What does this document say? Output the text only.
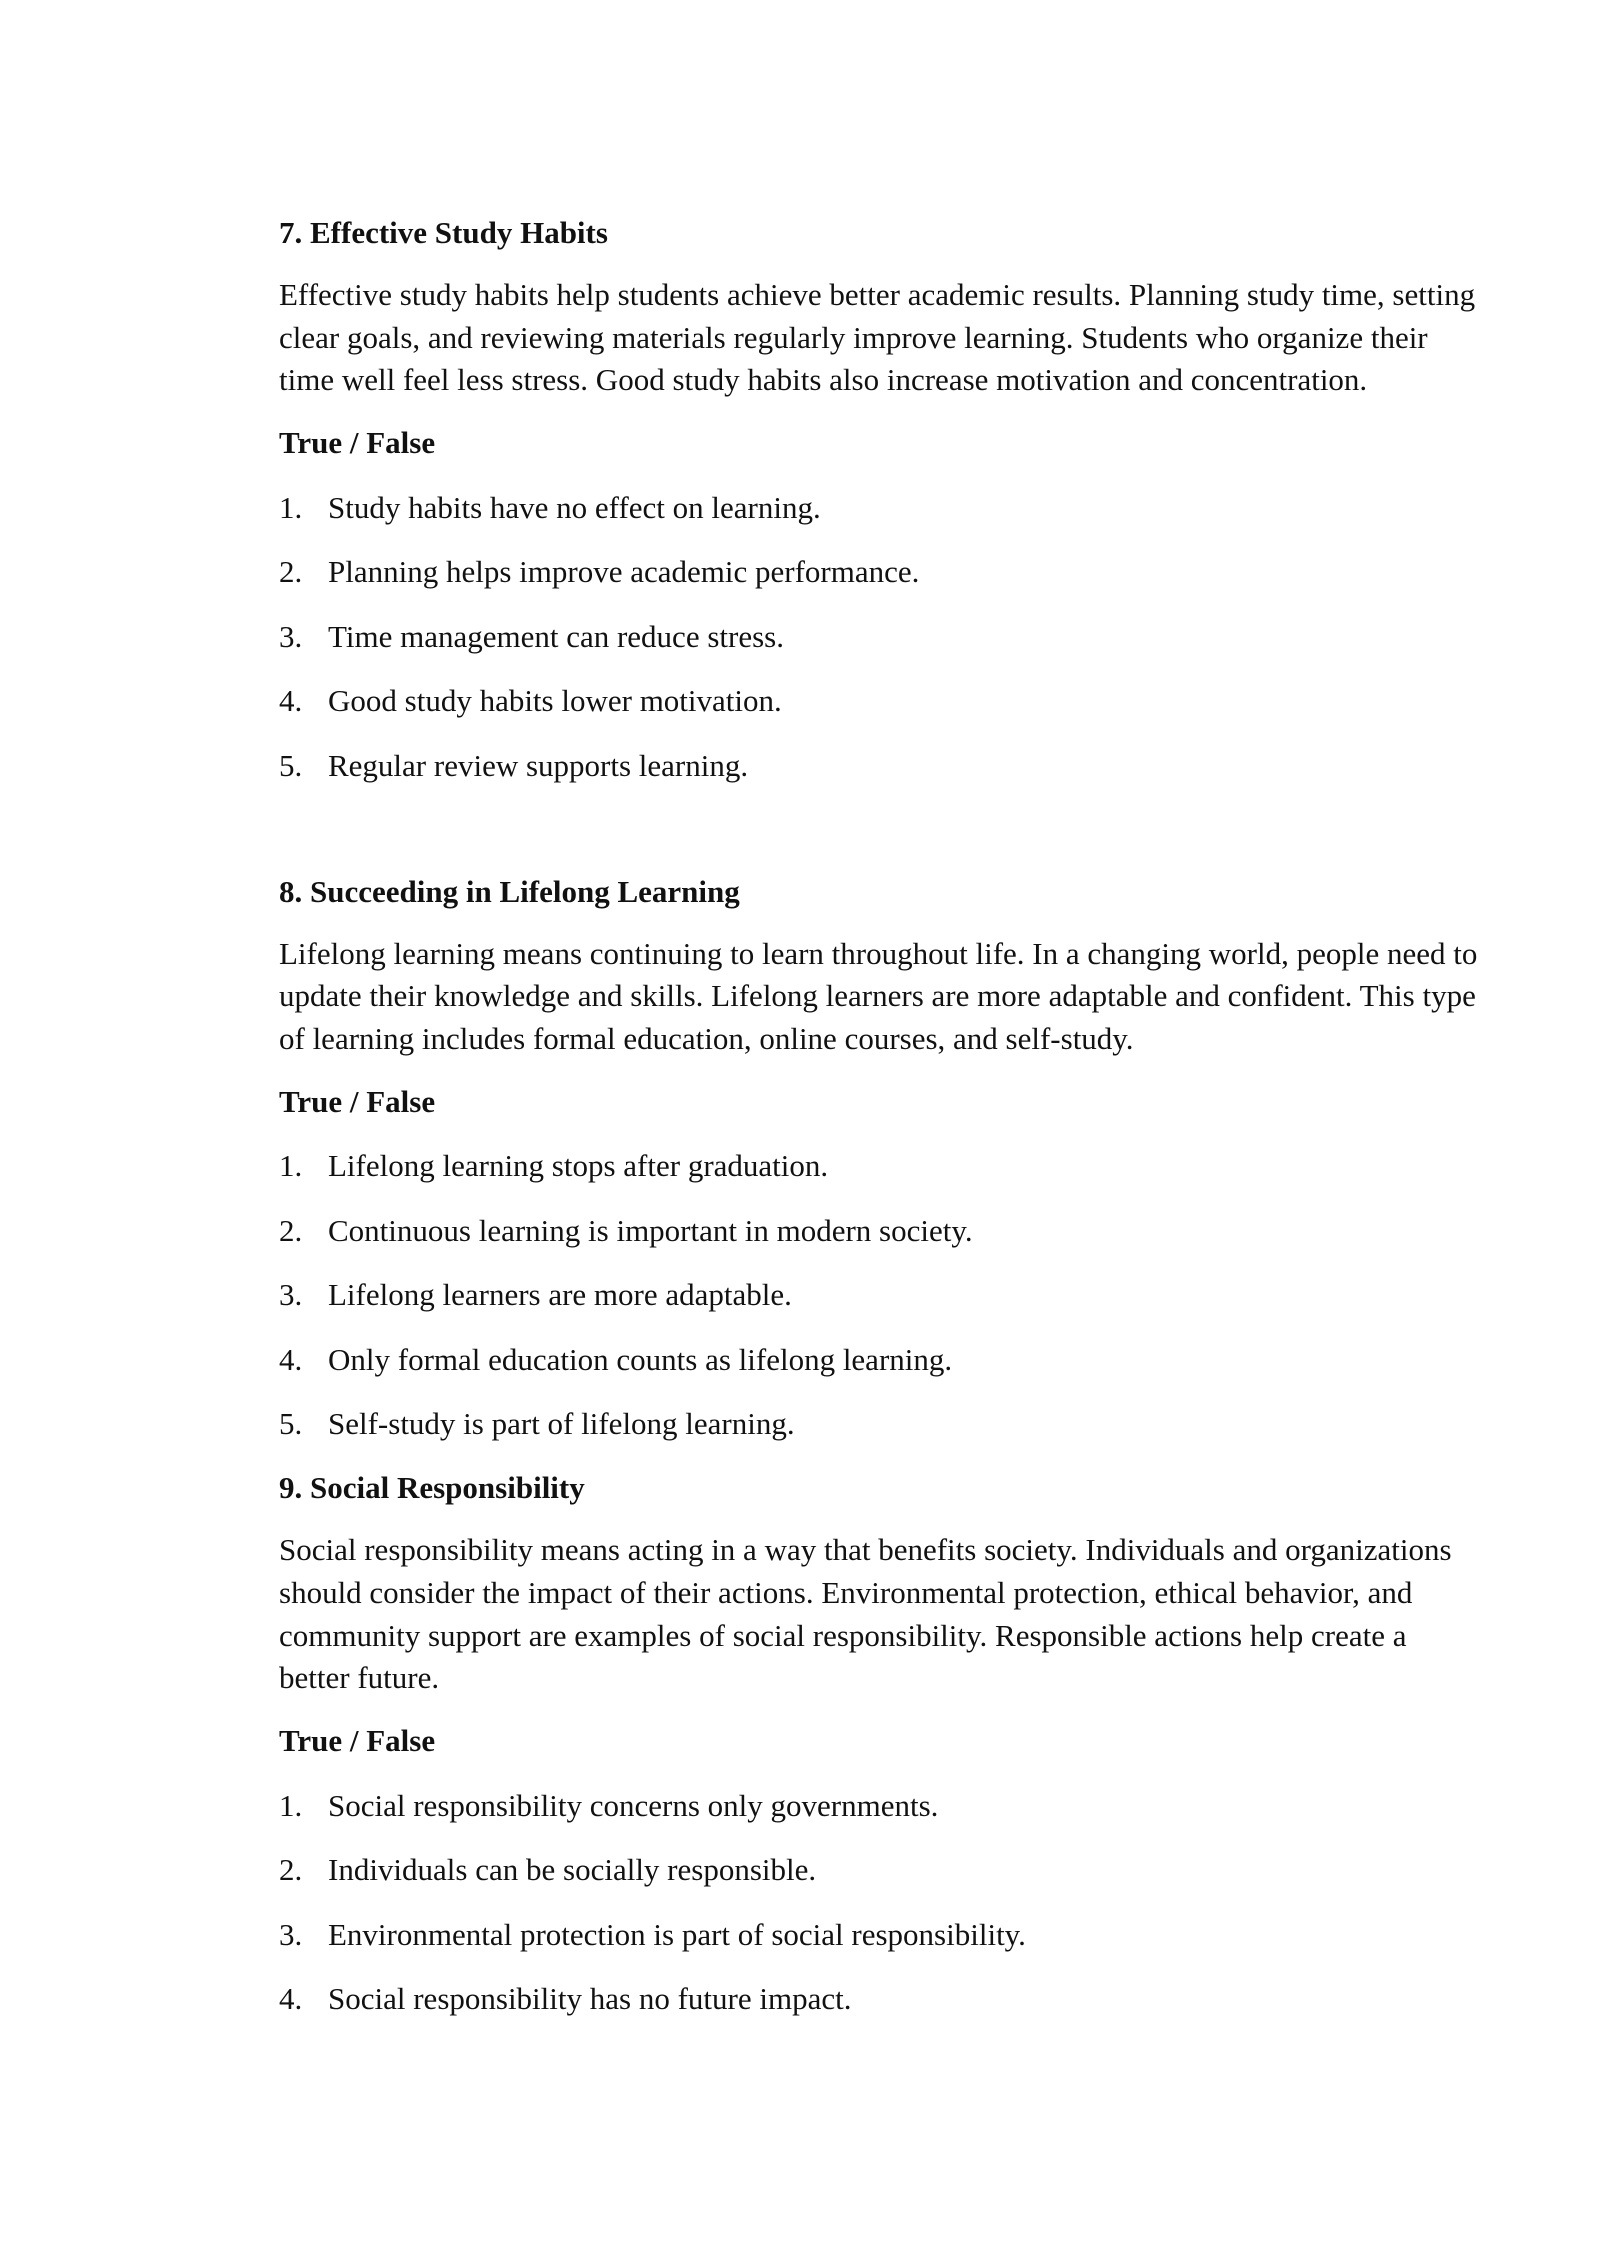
7. Effective Study Habits

Effective study habits help students achieve better academic results. Planning study time, setting clear goals, and reviewing materials regularly improve learning. Students who organize their time well feel less stress. Good study habits also increase motivation and concentration.

True / False

1. Study habits have no effect on learning.
2. Planning helps improve academic performance.
3. Time management can reduce stress.
4. Good study habits lower motivation.
5. Regular review supports learning.

8. Succeeding in Lifelong Learning

Lifelong learning means continuing to learn throughout life. In a changing world, people need to update their knowledge and skills. Lifelong learners are more adaptable and confident. This type of learning includes formal education, online courses, and self-study.

True / False

1. Lifelong learning stops after graduation.
2. Continuous learning is important in modern society.
3. Lifelong learners are more adaptable.
4. Only formal education counts as lifelong learning.
5. Self-study is part of lifelong learning.

9. Social Responsibility

Social responsibility means acting in a way that benefits society. Individuals and organizations should consider the impact of their actions. Environmental protection, ethical behavior, and community support are examples of social responsibility. Responsible actions help create a better future.

True / False

1. Social responsibility concerns only governments.
2. Individuals can be socially responsible.
3. Environmental protection is part of social responsibility.
4. Social responsibility has no future impact.
